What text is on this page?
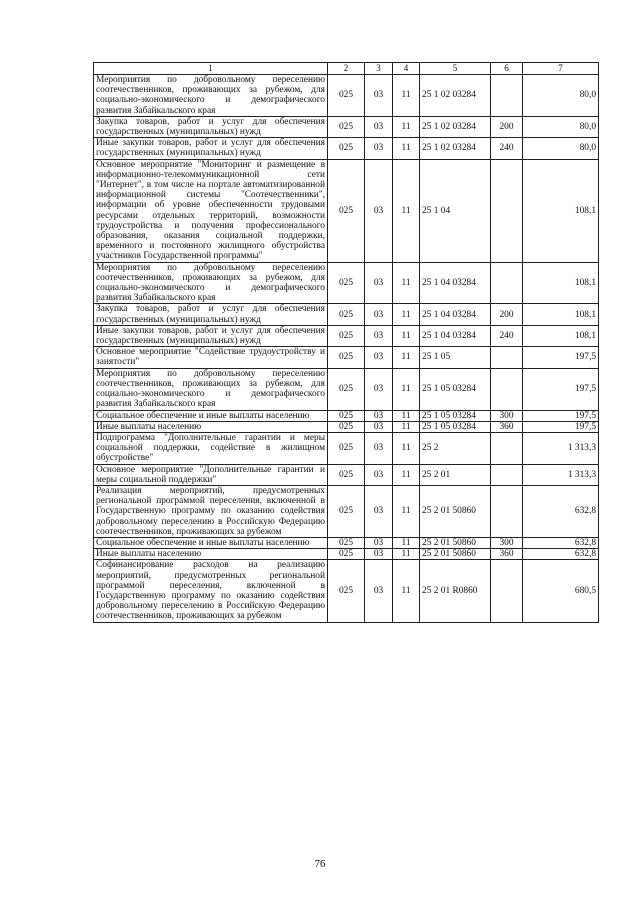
1	2	3	4	5	6	7
Мероприятия по добровольному переселению соотечественников, проживающих за рубежом, для социально-экономического и демографического развития Забайкальского края	025	03	11	25 1 02 03284		80,0
Закупка товаров, работ и услуг для обеспечения государственных (муниципальных) нужд	025	03	11	25 1 02 03284	200	80,0
Иные закупки товаров, работ и услуг для обеспечения государственных (муниципальных) нужд	025	03	11	25 1 02 03284	240	80,0
Основное мероприятие "Мониторинг и размещение в информационно-телекоммуникационной сети "Интернет", в том числе на портале автоматизированной информационной системы "Соотечественники", информации об уровне обеспеченности трудовыми ресурсами отдельных территорий, возможности трудоустройства и получения профессионального образования, оказания социальной поддержки, временного и постоянного жилищного обустройства участников Государственной программы"	025	03	11	25 1 04		108,1
Мероприятия по добровольному переселению соотечественников, проживающих за рубежом, для социально-экономического и демографического развития Забайкальского края	025	03	11	25 1 04 03284		108,1
Закупка товаров, работ и услуг для обеспечения государственных (муниципальных) нужд	025	03	11	25 1 04 03284	200	108,1
Иные закупки товаров, работ и услуг для обеспечения государственных (муниципальных) нужд	025	03	11	25 1 04 03284	240	108,1
Основное мероприятие "Содействие трудоустройству и занятости"	025	03	11	25 1 05		197,5
Мероприятия по добровольному переселению соотечественников, проживающих за рубежом, для социально-экономического и демографического развития Забайкальского края	025	03	11	25 1 05 03284		197,5
Социальное обеспечение и иные выплаты населению	025	03	11	25 1 05 03284	300	197,5
Иные выплаты населению	025	03	11	25 1 05 03284	360	197,5
Подпрограмма "Дополнительные гарантии и меры социальной поддержки, содействие в жилищном обустройстве"	025	03	11	25 2		1 313,3
Основное мероприятие "Дополнительные гарантии и меры социальной поддержки"	025	03	11	25 2 01		1 313,3
Реализация мероприятий, предусмотренных региональной программой переселения, включенной в Государственную программу по оказанию содействия добровольному переселению в Российскую Федерацию соотечественников, проживающих за рубежом	025	03	11	25 2 01 50860		632,8
Социальное обеспечение и иные выплаты населению	025	03	11	25 2 01 50860	300	632,8
Иные выплаты населению	025	03	11	25 2 01 50860	360	632,8
Софинансирование расходов на реализацию мероприятий, предусмотренных региональной программой переселения, включенной в Государственную программу по оказанию содействия добровольному переселению в Российскую Федерацию соотечественников, проживающих за рубежом	025	03	11	25 2 01 R0860		680,5
76
